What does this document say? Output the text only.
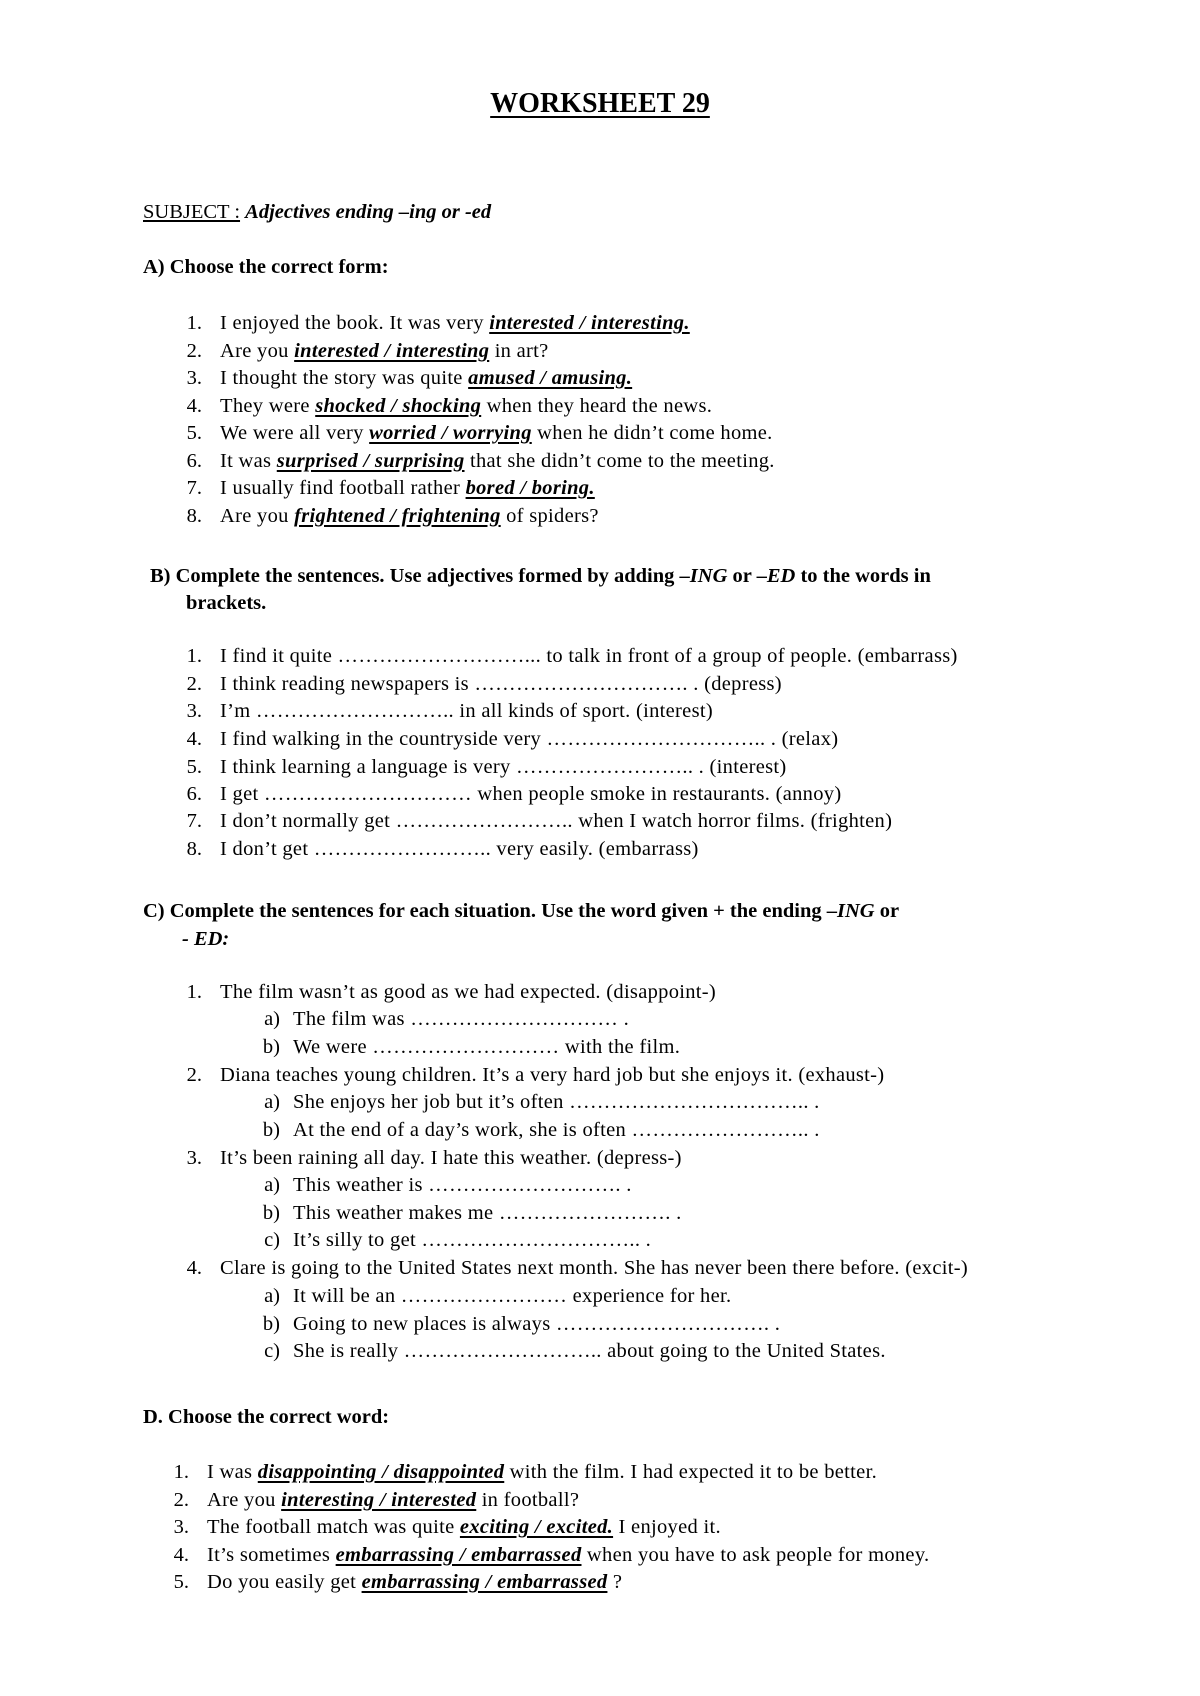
WORKSHEET 29
SUBJECT : Adjectives ending –ing or -ed
A) Choose the correct form:
1. I enjoyed the book. It was very interested / interesting.
2. Are you interested / interesting in art?
3. I thought the story was quite amused / amusing.
4. They were shocked / shocking when they heard the news.
5. We were all very worried / worrying when he didn’t come home.
6. It was surprised / surprising that she didn’t come to the meeting.
7. I usually find football rather bored / boring.
8. Are you frightened / frightening of spiders?
B) Complete the sentences. Use adjectives formed by adding –ING or –ED to the words in
brackets.
1. I find it quite ………………………... to talk in front of a group of people. (embarrass)
2. I think reading newspapers is …………………………. . (depress)
3. I’m ……………………….. in all kinds of sport. (interest)
4. I find walking in the countryside very ………………………….. . (relax)
5. I think learning a language is very …………………….. . (interest)
6. I get ………………………… when people smoke in restaurants. (annoy)
7. I don’t normally get …………………….. when I watch horror films. (frighten)
8. I don’t get …………………….. very easily. (embarrass)
C) Complete the sentences for each situation. Use the word given + the ending –ING or
- ED:
1. The film wasn’t as good as we had expected. (disappoint-)
a) The film was ………………………… .
b) We were ……………………… with the film.
2. Diana teaches young children. It’s a very hard job but she enjoys it. (exhaust-)
a) She enjoys her job but it’s often …………………………….. .
b) At the end of a day’s work, she is often …………………….. .
3. It’s been raining all day. I hate this weather. (depress-)
a) This weather is ………………………. .
b) This weather makes me ……………………. .
c) It’s silly to get ………………………….. .
4. Clare is going to the United States next month. She has never been there before. (excit-)
a) It will be an …………………… experience for her.
b) Going to new places is always …………………………. .
c) She is really ……………………….. about going to the United States.
D. Choose the correct word:
1. I was disappointing / disappointed with the film. I had expected it to be better.
2. Are you interesting / interested in football?
3. The football match was quite exciting / excited. I enjoyed it.
4. It’s sometimes embarrassing / embarrassed when you have to ask people for money.
5. Do you easily get embarrassing / embarrassed ?
